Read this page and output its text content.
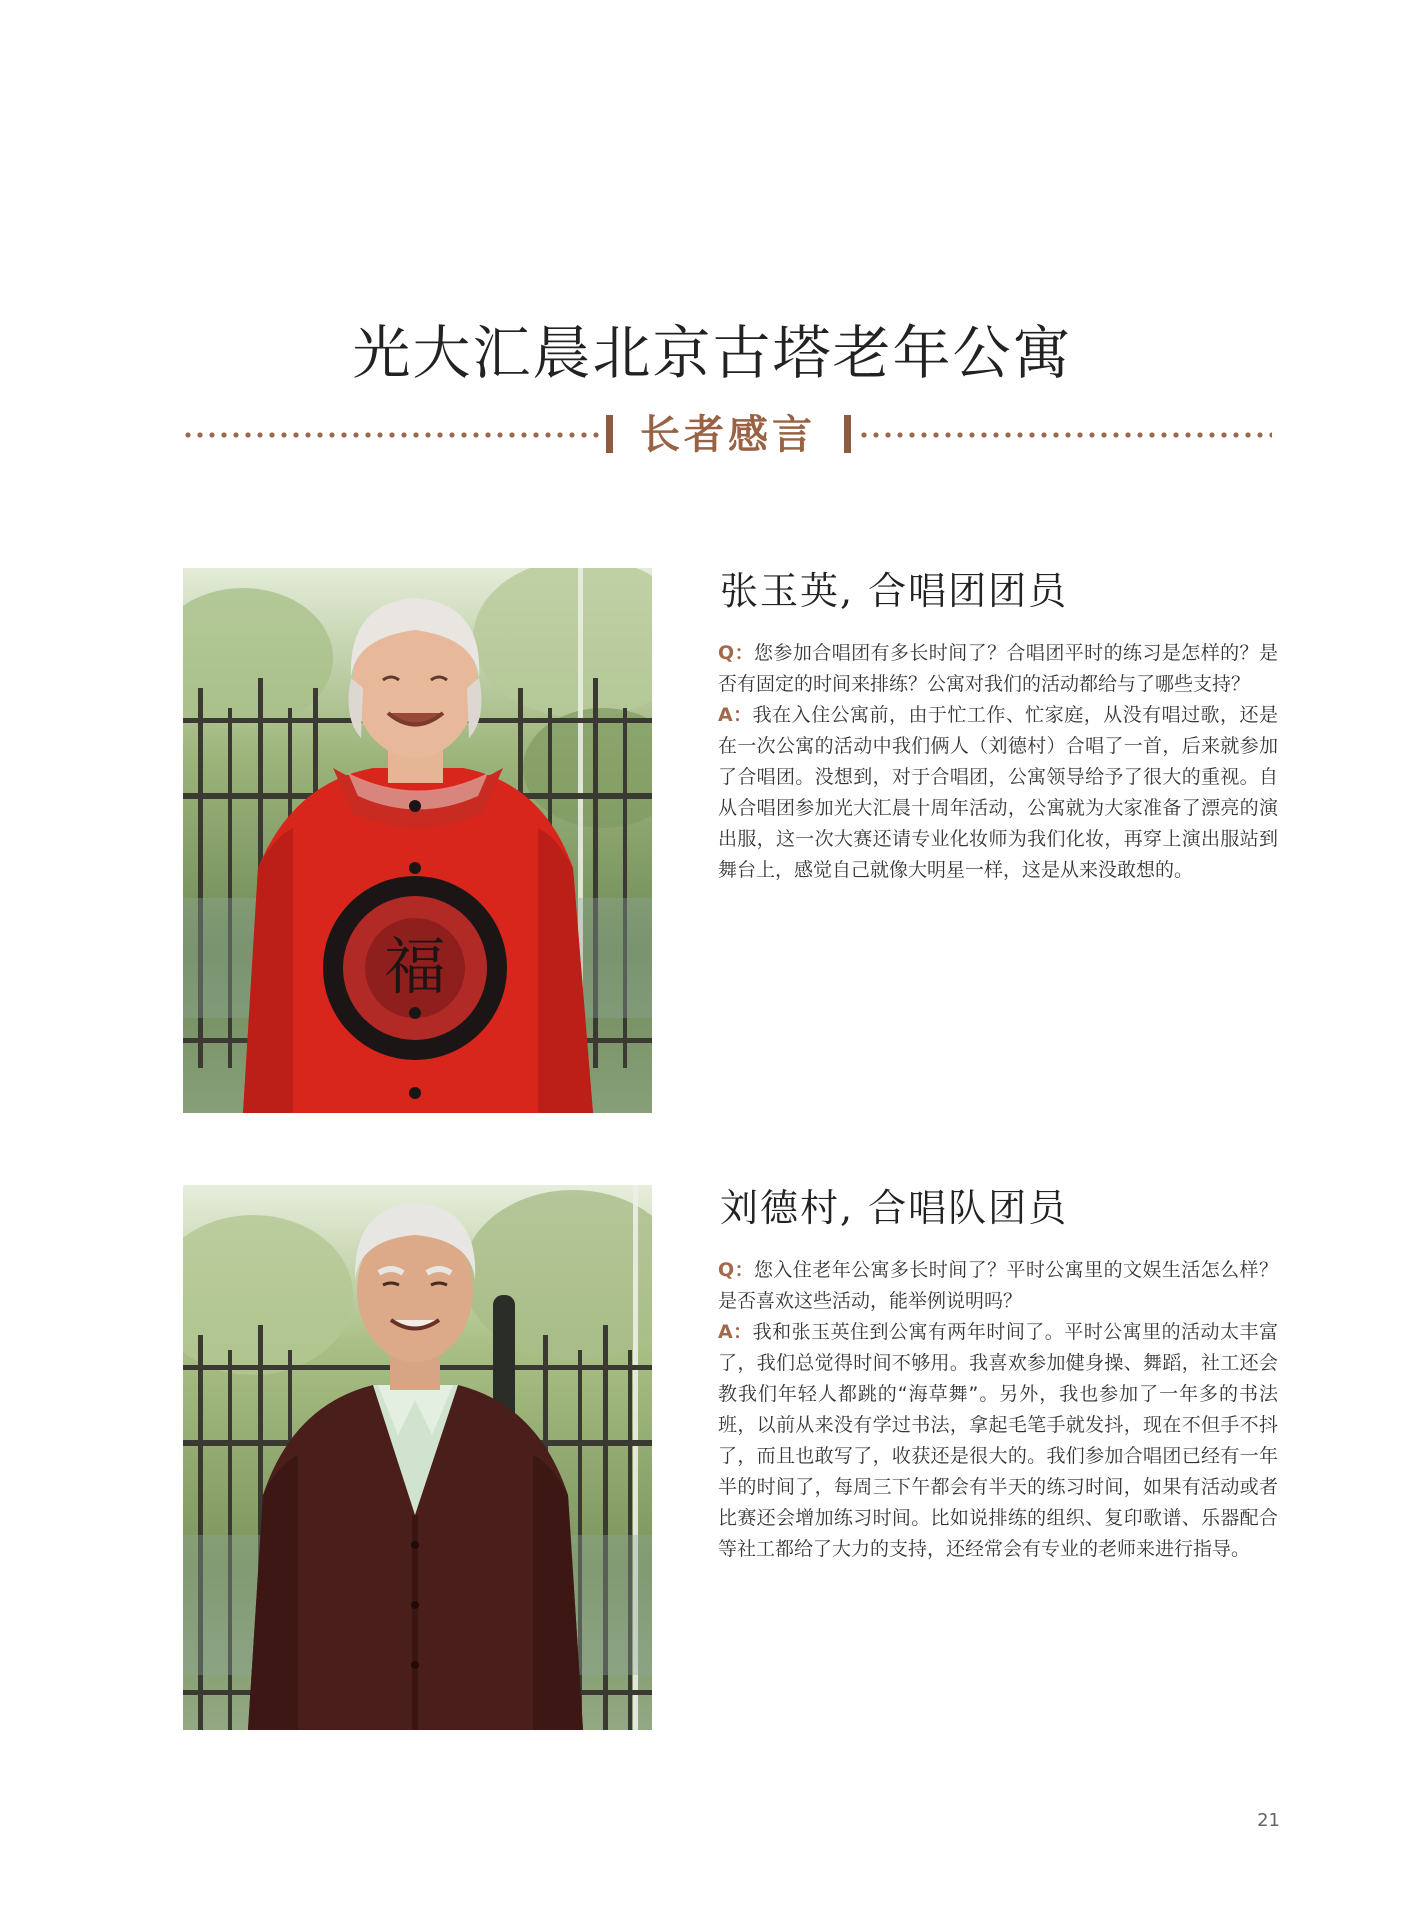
光大汇晨北京古塔老年公寓
长者感言
福
张玉英, 合唱团团员

Q：您参加合唱团有多长时间了？合唱团平时的练习是怎样的？是否有固定的时间来排练？公寓对我们的活动都给与了哪些支持？

A：我在入住公寓前，由于忙工作、忙家庭，从没有唱过歌，还是在一次公寓的活动中我们俩人（刘德村）合唱了一首，后来就参加了合唱团。没想到，对于合唱团，公寓领导给予了很大的重视。自从合唱团参加光大汇晨十周年活动，公寓就为大家准备了漂亮的演出服，这一次大赛还请专业化妆师为我们化妆，再穿上演出服站到舞台上，感觉自己就像大明星一样，这是从来没敢想的。

刘德村, 合唱队团员

Q：您入住老年公寓多长时间了？平时公寓里的文娱生活怎么样？是否喜欢这些活动，能举例说明吗？

A：我和张玉英住到公寓有两年时间了。平时公寓里的活动太丰富了，我们总觉得时间不够用。我喜欢参加健身操、舞蹈，社工还会教我们年轻人都跳的“海草舞”。另外，我也参加了一年多的书法班，以前从来没有学过书法，拿起毛笔手就发抖，现在不但手不抖了，而且也敢写了，收获还是很大的。我们参加合唱团已经有一年半的时间了，每周三下午都会有半天的练习时间，如果有活动或者比赛还会增加练习时间。比如说排练的组织、复印歌谱、乐器配合等社工都给了大力的支持，还经常会有专业的老师来进行指导。

21
